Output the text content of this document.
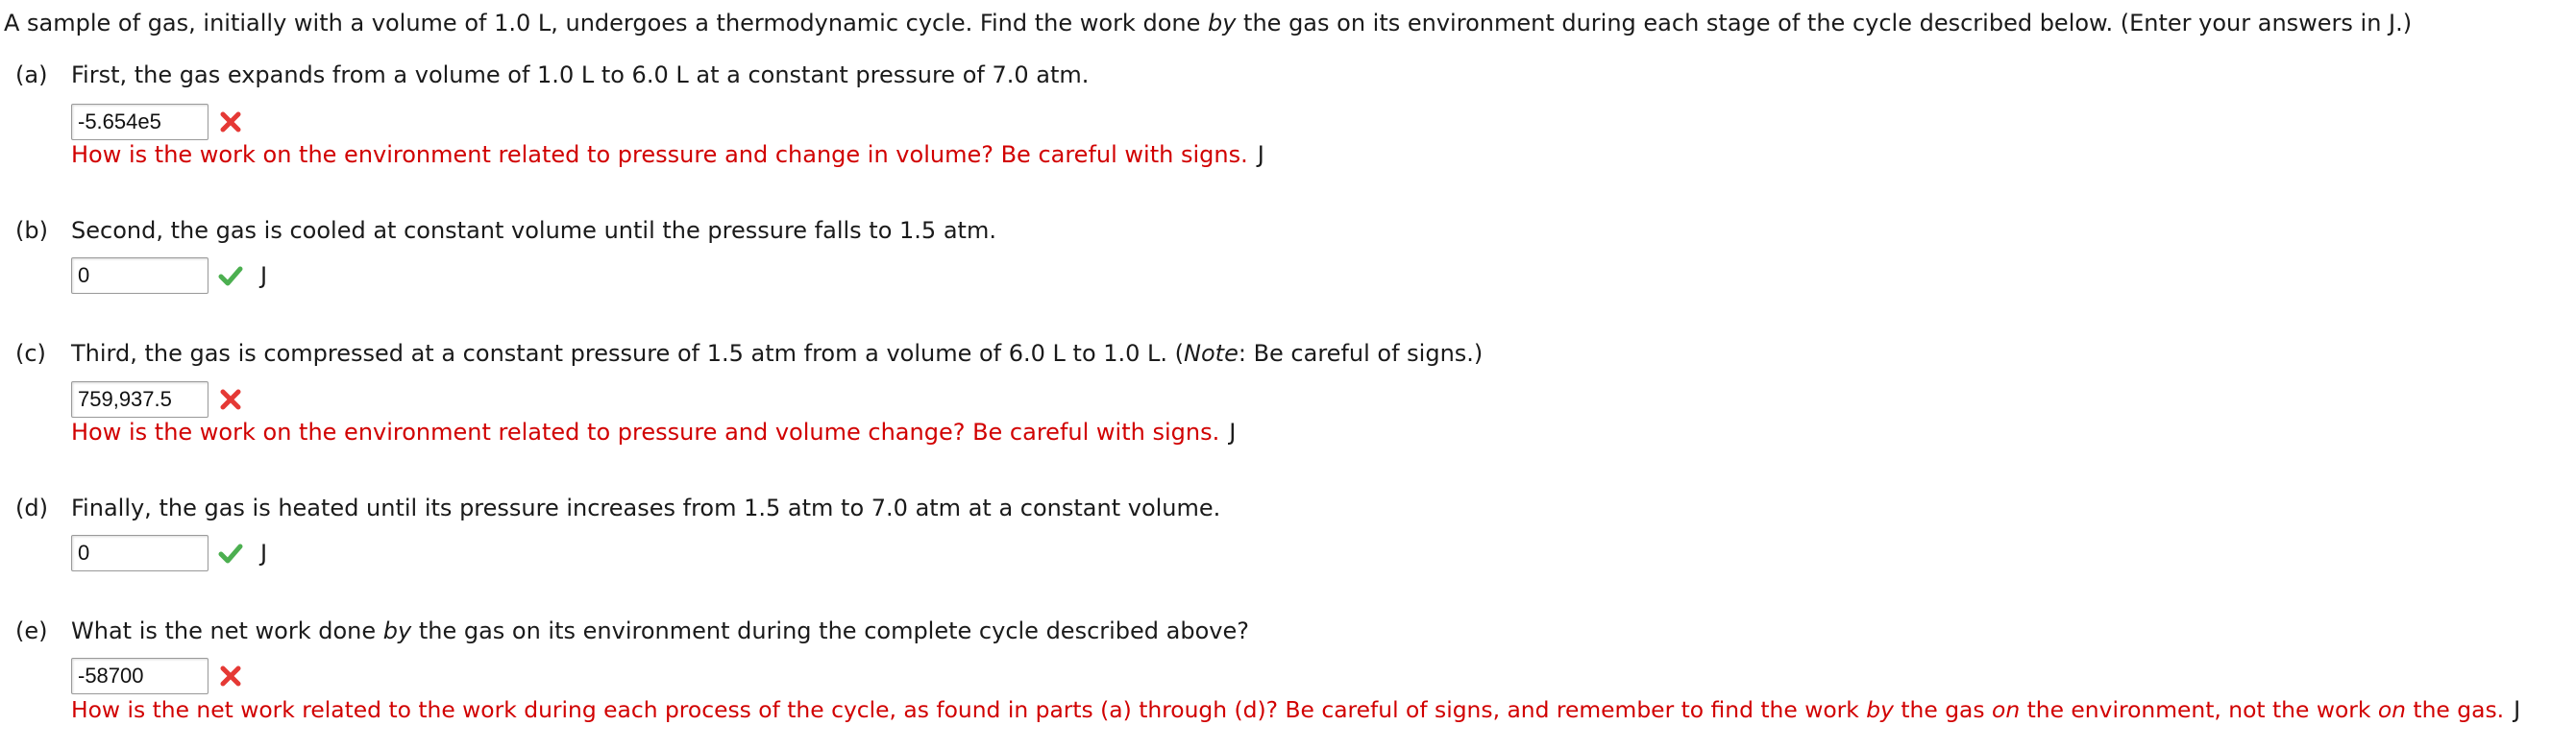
A sample of gas, initially with a volume of 1.0 L, undergoes a thermodynamic cycle. Find the work done by the gas on its environment during each stage of the cycle described below. (Enter your answers in J.)
(a) First, the gas expands from a volume of 1.0 L to 6.0 L at a constant pressure of 7.0 atm.
-5.654e5
How is the work on the environment related to pressure and change in volume? Be careful with signs. J
(b) Second, the gas is cooled at constant volume until the pressure falls to 1.5 atm.
0
J
(c) Third, the gas is compressed at a constant pressure of 1.5 atm from a volume of 6.0 L to 1.0 L. (Note: Be careful of signs.)
759,937.5
How is the work on the environment related to pressure and volume change? Be careful with signs. J
(d) Finally, the gas is heated until its pressure increases from 1.5 atm to 7.0 atm at a constant volume.
0
J
(e) What is the net work done by the gas on its environment during the complete cycle described above?
-58700
How is the net work related to the work during each process of the cycle, as found in parts (a) through (d)? Be careful of signs, and remember to find the work by the gas on the environment, not the work on the gas. J
